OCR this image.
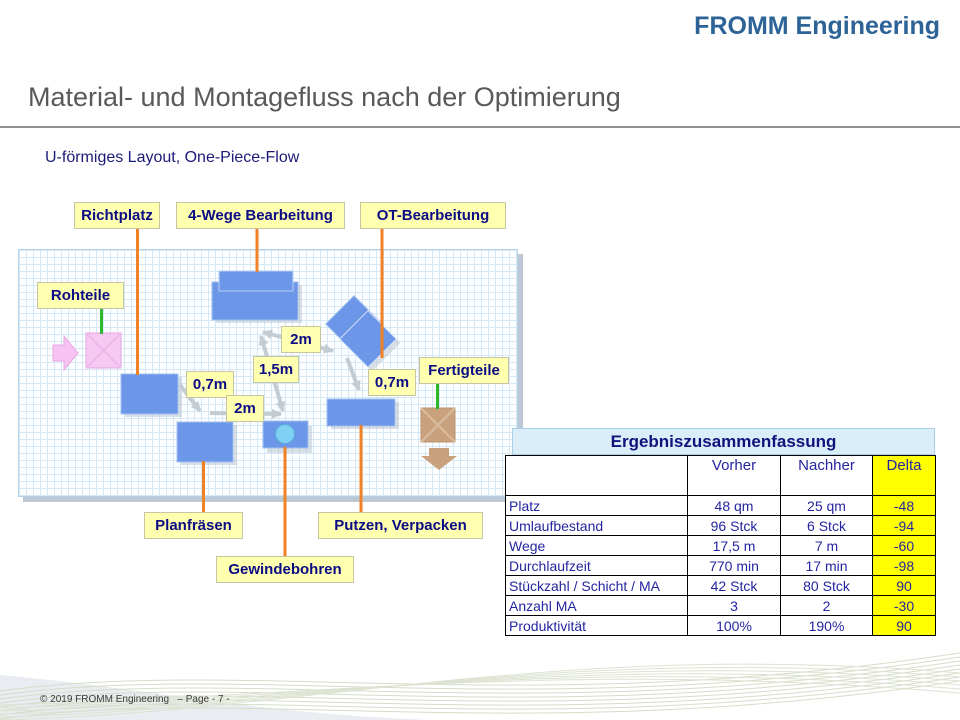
FROMM Engineering
Material- und Montagefluss nach der Optimierung
U-förmiges Layout, One-Piece-Flow
Richtplatz	4-Wege Bearbeitung	OT-Bearbeitung
Rohteile
Fertigteile
Planfräsen	Putzen, Verpacken
Gewindebohren
0,7m
2m
1,5m
2m
0,7m
Ergebniszusammenfassung
	Vorher	Nachher	Delta
Platz	48 qm	25 qm	-48
Umlaufbestand	96 Stck	6 Stck	-94
Wege	17,5 m	7 m	-60
Durchlaufzeit	770 min	17 min	-98
Stückzahl / Schicht / MA	42 Stck	80 Stck	90
Anzahl MA	3	2	-30
Produktivität	100%	190%	90
© 2019 FROMM Engineering   – Page - 7 -
